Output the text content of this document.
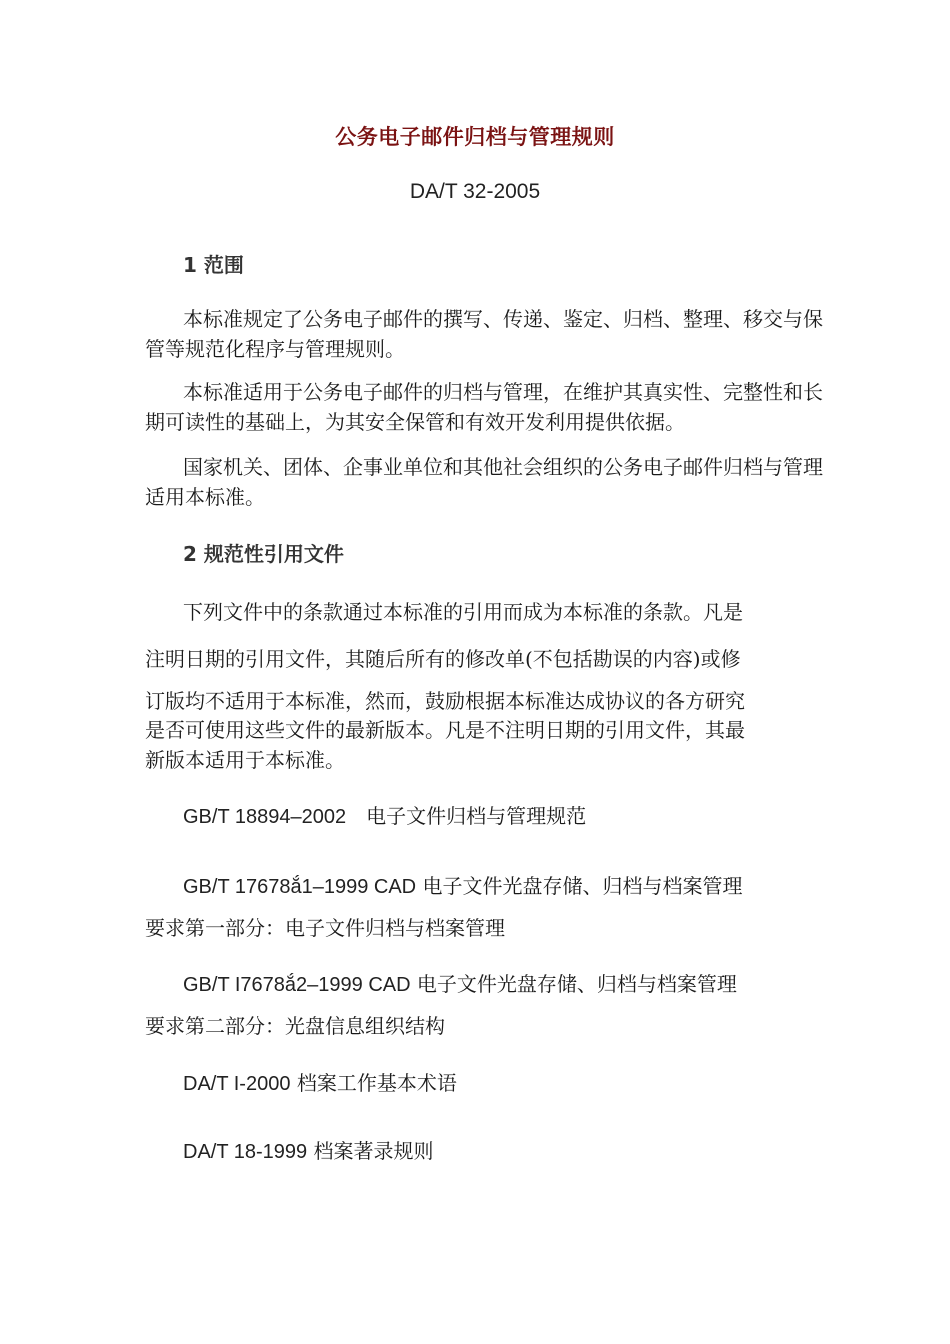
公务电子邮件归档与管理规则
DA/T 32-2005
1 范围
本标准规定了公务电子邮件的撰写、传递、鉴定、归档、整理、移交与保管等规范化程序与管理规则。
本标准适用于公务电子邮件的归档与管理，在维护其真实性、完整性和长期可读性的基础上，为其安全保管和有效开发利用提供依据。
国家机关、团体、企事业单位和其他社会组织的公务电子邮件归档与管理适用本标准。
2 规范性引用文件
下列文件中的条款通过本标准的引用而成为本标准的条款。凡是
注明日期的引用文件，其随后所有的修改单(不包括勘误的内容)或修
订版均不适用于本标准，然而，鼓励根据本标准达成协议的各方研究
是否可使用这些文件的最新版本。凡是不注明日期的引用文件，其最
新版本适用于本标准。
GB/T 18894–2002　电子文件归档与管理规范
GB/T 17678ắ1–1999 CAD 电子文件光盘存储、归档与档案管理
要求第一部分：电子文件归档与档案管理
GB/T I7678ắ2–1999 CAD 电子文件光盘存储、归档与档案管理
要求第二部分：光盘信息组织结构
DA/T I-2000 档案工作基本术语
DA/T 18-1999 档案著录规则
